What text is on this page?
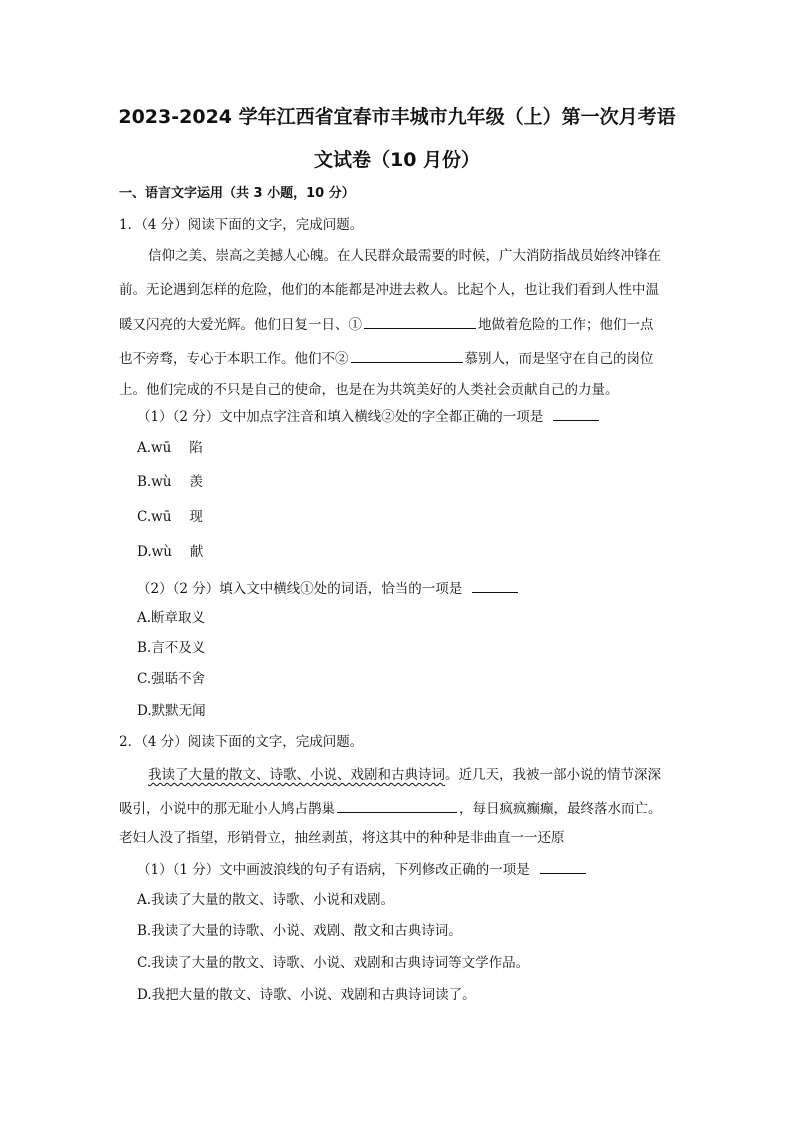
2023-2024 学年江西省宜春市丰城市九年级（上）第一次月考语
文试卷（10 月份）
一、语言文字运用（共 3 小题，10 分）
1．（4 分）阅读下面的文字，完成问题。
信仰之美、崇高之美撼人心魄。在人民群众最需要的时候，广大消防指战员始终冲锋在
前。无论遇到怎样的危险，他们的本能都是冲进去救人。比起个人，也让我们看到人性中温
暖又闪亮的大爱光辉。他们日复一日、①	地做着危险的工作；他们一点
也不旁骛，专心于本职工作。他们不②	慕别人，而是坚守在自己的岗位
上。他们完成的不只是自己的使命，也是在为共筑美好的人类社会贡献自己的力量。
（1）（2 分）文中加点字注音和填入横线②处的字全都正确的一项是
A.wū 陷
B.wù 羡
C.wū 现
D.wù 献
（2）（2 分）填入文中横线①处的词语，恰当的一项是
A.断章取义
B.言不及义
C.强聒不舍
D.默默无闻
2．（4 分）阅读下面的文字，完成问题。
我读了大量的散文、诗歌、小说、戏剧和古典诗词。近几天，我被一部小说的情节深深
吸引，小说中的那无耻小人鸠占鹊巢	，每日疯疯癫癫，最终落水而亡。
老妇人没了指望，形销骨立，抽丝剥茧，将这其中的种种是非曲直一一还原
（1）（1 分）文中画波浪线的句子有语病，下列修改正确的一项是
A.我读了大量的散文、诗歌、小说和戏剧。
B.我读了大量的诗歌、小说、戏剧、散文和古典诗词。
C.我读了大量的散文、诗歌、小说、戏剧和古典诗词等文学作品。
D.我把大量的散文、诗歌、小说、戏剧和古典诗词读了。
